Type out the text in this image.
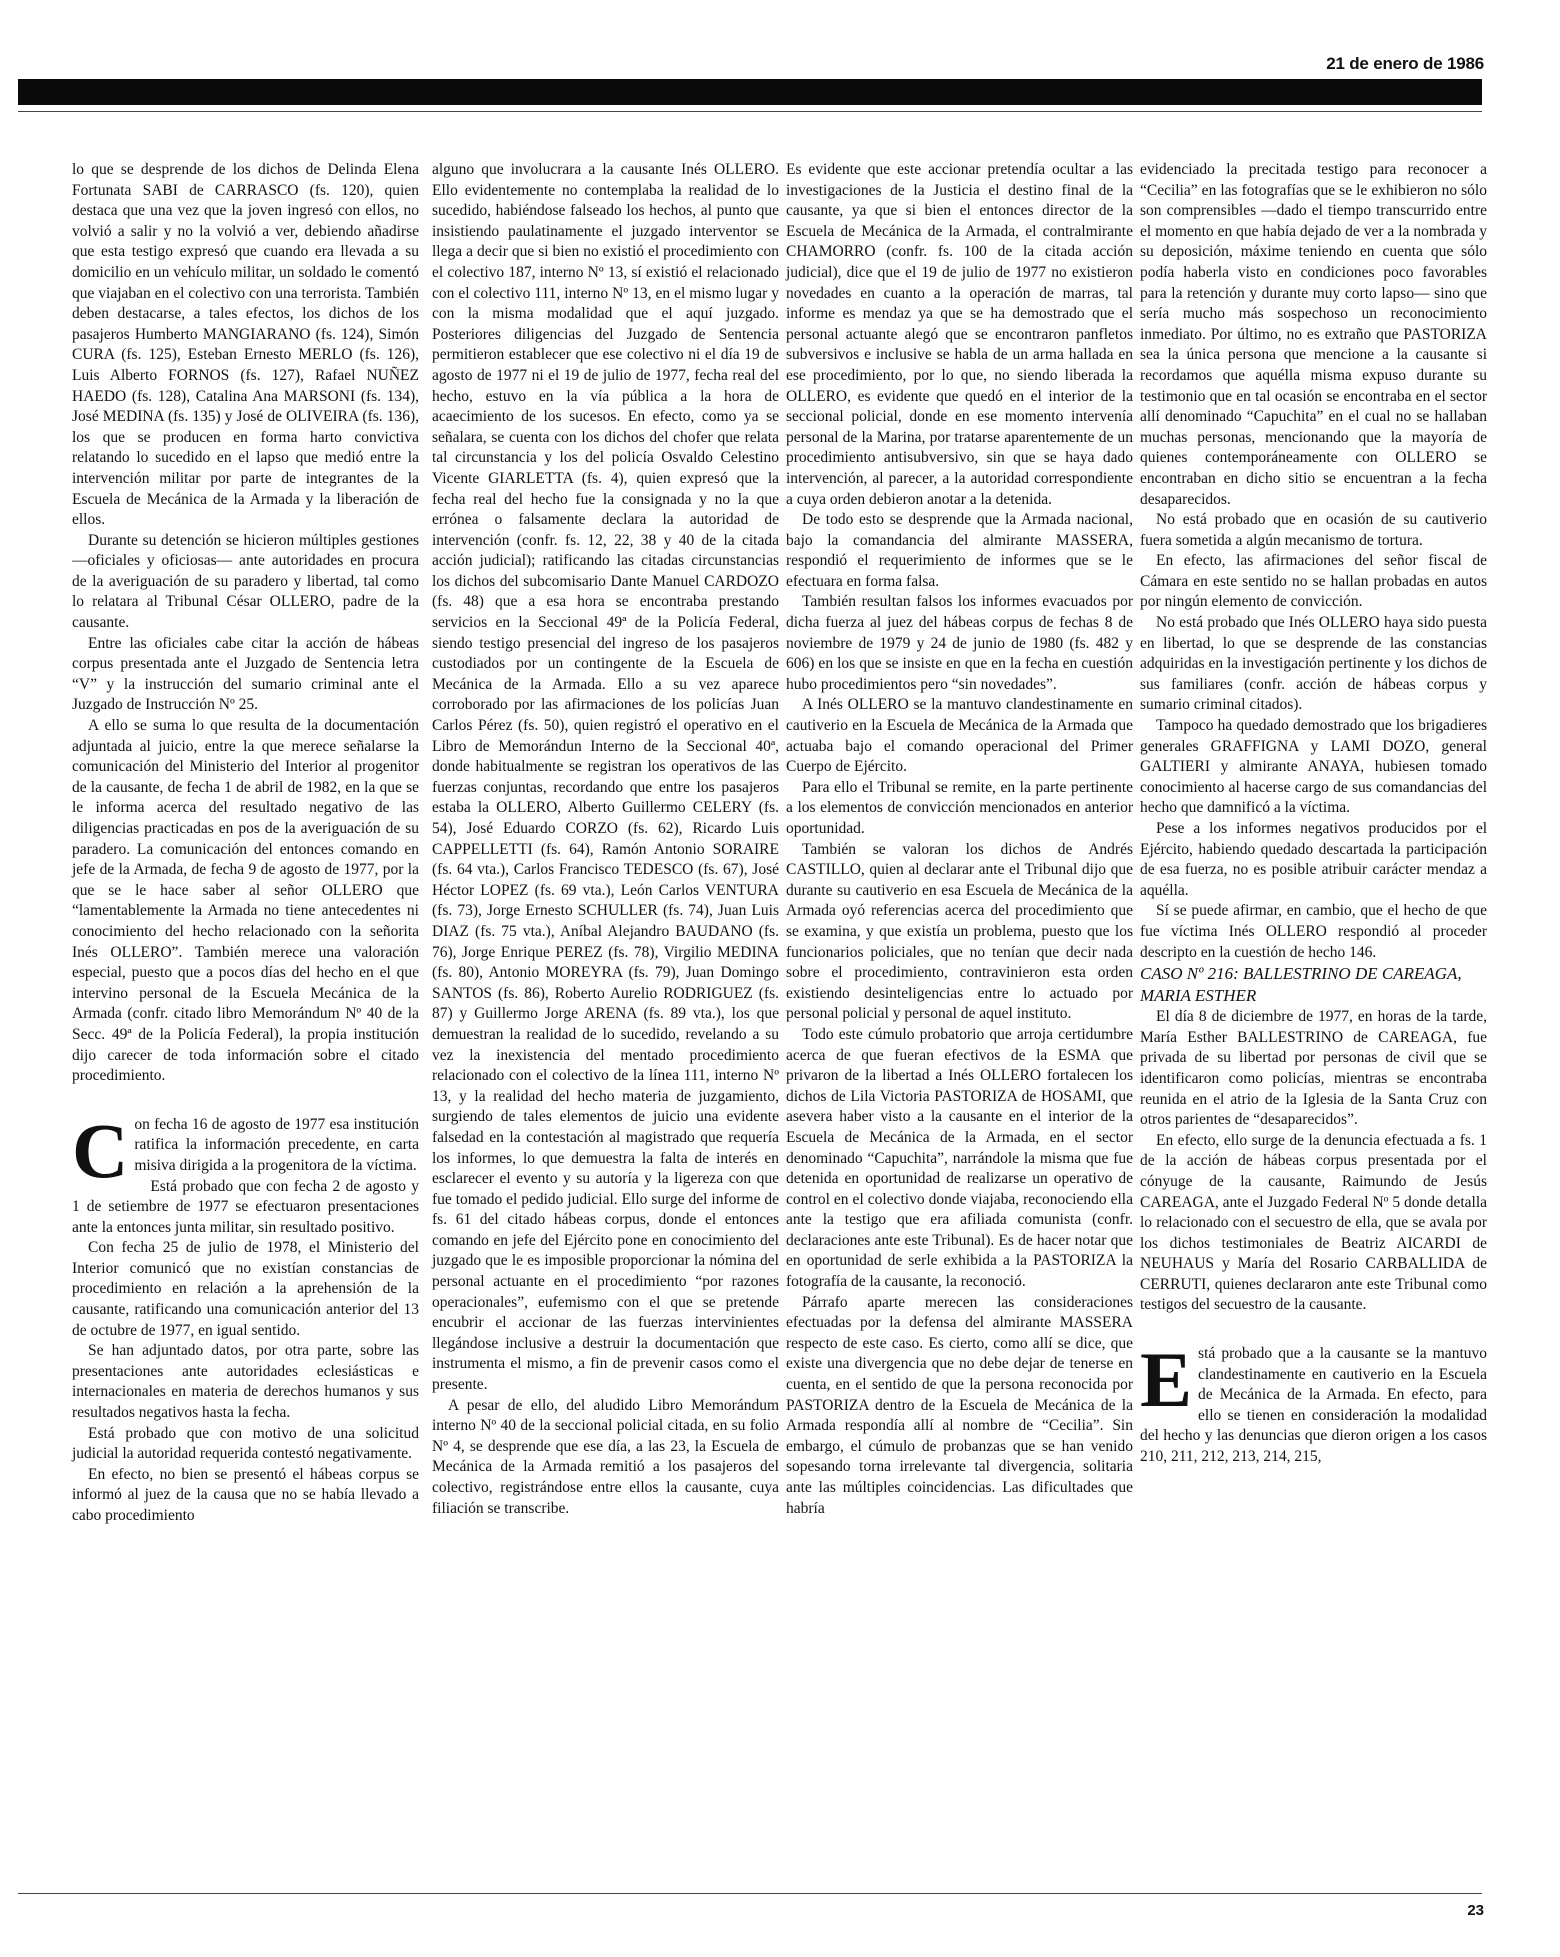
21 de enero de 1986

lo que se desprende de los dichos de Delinda Elena Fortunata SABI de CARRASCO (fs. 120), quien destaca que una vez que la joven ingresó con ellos, no volvió a salir y no la volvió a ver, debiendo añadirse que esta testigo expresó que cuando era llevada a su domicilio en un vehículo militar, un soldado le comentó que viajaban en el colectivo con una terrorista. También deben destacarse, a tales efectos, los dichos de los pasajeros Humberto MANGIARANO (fs. 124), Simón CURA (fs. 125), Esteban Ernesto MERLO (fs. 126), Luis Alberto FORNOS (fs. 127), Rafael NUÑEZ HAEDO (fs. 128), Catalina Ana MARSONI (fs. 134), José MEDINA (fs. 135) y José de OLIVEIRA (fs. 136), los que se producen en forma harto convictiva relatando lo sucedido en el lapso que medió entre la intervención militar por parte de integrantes de la Escuela de Mecánica de la Armada y la liberación de ellos.

Durante su detención se hicieron múltiples gestiones —oficiales y oficiosas— ante autoridades en procura de la averiguación de su paradero y libertad, tal como lo relatara al Tribunal César OLLERO, padre de la causante.

Entre las oficiales cabe citar la acción de hábeas corpus presentada ante el Juzgado de Sentencia letra “V” y la instrucción del sumario criminal ante el Juzgado de Instrucción Nº 25.

A ello se suma lo que resulta de la documentación adjuntada al juicio, entre la que merece señalarse la comunicación del Ministerio del Interior al progenitor de la causante, de fecha 1 de abril de 1982, en la que se le informa acerca del resultado negativo de las diligencias practicadas en pos de la averiguación de su paradero. La comunicación del entonces comando en jefe de la Armada, de fecha 9 de agosto de 1977, por la que se le hace saber al señor OLLERO que “lamentablemente la Armada no tiene antecedentes ni conocimiento del hecho relacionado con la señorita Inés OLLERO”. También merece una valoración especial, puesto que a pocos días del hecho en el que intervino personal de la Escuela Mecánica de la Armada (confr. citado libro Memorándum Nº 40 de la Secc. 49ª de la Policía Federal), la propia institución dijo carecer de toda información sobre el citado procedimiento.

Con fecha 16 de agosto de 1977 esa institución ratifica la información precedente, en carta misiva dirigida a la progenitora de la víctima.

Está probado que con fecha 2 de agosto y 1 de setiembre de 1977 se efectuaron presentaciones ante la entonces junta militar, sin resultado positivo.

Con fecha 25 de julio de 1978, el Ministerio del Interior comunicó que no existían constancias de procedimiento en relación a la aprehensión de la causante, ratificando una comunicación anterior del 13 de octubre de 1977, en igual sentido.

Se han adjuntado datos, por otra parte, sobre las presentaciones ante autoridades eclesiásticas e internacionales en materia de derechos humanos y sus resultados negativos hasta la fecha.

Está probado que con motivo de una solicitud judicial la autoridad requerida contestó negativamente.

En efecto, no bien se presentó el hábeas corpus se informó al juez de la causa que no se había llevado a cabo procedimiento

alguno que involucrara a la causante Inés OLLERO. Ello evidentemente no contemplaba la realidad de lo sucedido, habiéndose falseado los hechos, al punto que insistiendo paulatinamente el juzgado interventor se llega a decir que si bien no existió el procedimiento con el colectivo 187, interno Nº 13, sí existió el relacionado con el colectivo 111, interno Nº 13, en el mismo lugar y con la misma modalidad que el aquí juzgado. Posteriores diligencias del Juzgado de Sentencia permitieron establecer que ese colectivo ni el día 19 de agosto de 1977 ni el 19 de julio de 1977, fecha real del hecho, estuvo en la vía pública a la hora de acaecimiento de los sucesos. En efecto, como ya se señalara, se cuenta con los dichos del chofer que relata tal circunstancia y los del policía Osvaldo Celestino Vicente GIARLETTA (fs. 4), quien expresó que la fecha real del hecho fue la consignada y no la que errónea o falsamente declara la autoridad de intervención (confr. fs. 12, 22, 38 y 40 de la citada acción judicial); ratificando las citadas circunstancias los dichos del subcomisario Dante Manuel CARDOZO (fs. 48) que a esa hora se encontraba prestando servicios en la Seccional 49ª de la Policía Federal, siendo testigo presencial del ingreso de los pasajeros custodiados por un contingente de la Escuela de Mecánica de la Armada. Ello a su vez aparece corroborado por las afirmaciones de los policías Juan Carlos Pérez (fs. 50), quien registró el operativo en el Libro de Memorándun Interno de la Seccional 40ª, donde habitualmente se registran los operativos de las fuerzas conjuntas, recordando que entre los pasajeros estaba la OLLERO, Alberto Guillermo CELERY (fs. 54), José Eduardo CORZO (fs. 62), Ricardo Luis CAPPELLETTI (fs. 64), Ramón Antonio SORAIRE (fs. 64 vta.), Carlos Francisco TEDESCO (fs. 67), José Héctor LOPEZ (fs. 69 vta.), León Carlos VENTURA (fs. 73), Jorge Ernesto SCHULLER (fs. 74), Juan Luis DIAZ (fs. 75 vta.), Aníbal Alejandro BAUDANO (fs. 76), Jorge Enrique PEREZ (fs. 78), Virgilio MEDINA (fs. 80), Antonio MOREYRA (fs. 79), Juan Domingo SANTOS (fs. 86), Roberto Aurelio RODRIGUEZ (fs. 87) y Guillermo Jorge ARENA (fs. 89 vta.), los que demuestran la realidad de lo sucedido, revelando a su vez la inexistencia del mentado procedimiento relacionado con el colectivo de la línea 111, interno Nº 13, y la realidad del hecho materia de juzgamiento, surgiendo de tales elementos de juicio una evidente falsedad en la contestación al magistrado que requería los informes, lo que demuestra la falta de interés en esclarecer el evento y su autoría y la ligereza con que fue tomado el pedido judicial. Ello surge del informe de fs. 61 del citado hábeas corpus, donde el entonces comando en jefe del Ejército pone en conocimiento del juzgado que le es imposible proporcionar la nómina del personal actuante en el procedimiento “por razones operacionales”, eufemismo con el que se pretende encubrir el accionar de las fuerzas intervinientes llegándose inclusive a destruir la documentación que instrumenta el mismo, a fin de prevenir casos como el presente.

A pesar de ello, del aludido Libro Memorándum interno Nº 40 de la seccional policial citada, en su folio Nº 4, se desprende que ese día, a las 23, la Escuela de Mecánica de la Armada remitió a los pasajeros del colectivo, registrándose entre ellos la causante, cuya filiación se transcribe.

Es evidente que este accionar pretendía ocultar a las investigaciones de la Justicia el destino final de la causante, ya que si bien el entonces director de la Escuela de Mecánica de la Armada, el contralmirante CHAMORRO (confr. fs. 100 de la citada acción judicial), dice que el 19 de julio de 1977 no existieron novedades en cuanto a la operación de marras, tal informe es mendaz ya que se ha demostrado que el personal actuante alegó que se encontraron panfletos subversivos e inclusive se habla de un arma hallada en ese procedimiento, por lo que, no siendo liberada la OLLERO, es evidente que quedó en el interior de la seccional policial, donde en ese momento intervenía personal de la Marina, por tratarse aparentemente de un procedimiento antisubversivo, sin que se haya dado intervención, al parecer, a la autoridad correspondiente a cuya orden debieron anotar a la detenida.

De todo esto se desprende que la Armada nacional, bajo la comandancia del almirante MASSERA, respondió el requerimiento de informes que se le efectuara en forma falsa.

También resultan falsos los informes evacuados por dicha fuerza al juez del hábeas corpus de fechas 8 de noviembre de 1979 y 24 de junio de 1980 (fs. 482 y 606) en los que se insiste en que en la fecha en cuestión hubo procedimientos pero “sin novedades”.

A Inés OLLERO se la mantuvo clandestinamente en cautiverio en la Escuela de Mecánica de la Armada que actuaba bajo el comando operacional del Primer Cuerpo de Ejército.

Para ello el Tribunal se remite, en la parte pertinente a los elementos de convicción mencionados en anterior oportunidad.

También se valoran los dichos de Andrés CASTILLO, quien al declarar ante el Tribunal dijo que durante su cautiverio en esa Escuela de Mecánica de la Armada oyó referencias acerca del procedimiento que se examina, y que existía un problema, puesto que los funcionarios policiales, que no tenían que decir nada sobre el procedimiento, contravinieron esta orden existiendo desinteligencias entre lo actuado por personal policial y personal de aquel instituto.

Todo este cúmulo probatorio que arroja certidumbre acerca de que fueran efectivos de la ESMA que privaron de la libertad a Inés OLLERO fortalecen los dichos de Lila Victoria PASTORIZA de HOSAMI, que asevera haber visto a la causante en el interior de la Escuela de Mecánica de la Armada, en el sector denominado “Capuchita”, narrándole la misma que fue detenida en oportunidad de realizarse un operativo de control en el colectivo donde viajaba, reconociendo ella ante la testigo que era afiliada comunista (confr. declaraciones ante este Tribunal). Es de hacer notar que en oportunidad de serle exhibida a la PASTORIZA la fotografía de la causante, la reconoció.

Párrafo aparte merecen las consideraciones efectuadas por la defensa del almirante MASSERA respecto de este caso. Es cierto, como allí se dice, que existe una divergencia que no debe dejar de tenerse en cuenta, en el sentido de que la persona reconocida por PASTORIZA dentro de la Escuela de Mecánica de la Armada respondía allí al nombre de “Cecilia”. Sin embargo, el cúmulo de probanzas que se han venido sopesando torna irrelevante tal divergencia, solitaria ante las múltiples coincidencias. Las dificultades que habría

evidenciado la precitada testigo para reconocer a “Cecilia” en las fotografías que se le exhibieron no sólo son comprensibles —dado el tiempo transcurrido entre el momento en que había dejado de ver a la nombrada y su deposición, máxime teniendo en cuenta que sólo podía haberla visto en condiciones poco favorables para la retención y durante muy corto lapso— sino que sería mucho más sospechoso un reconocimiento inmediato. Por último, no es extraño que PASTORIZA sea la única persona que mencione a la causante si recordamos que aquélla misma expuso durante su testimonio que en tal ocasión se encontraba en el sector allí denominado “Capuchita” en el cual no se hallaban muchas personas, mencionando que la mayoría de quienes contemporáneamente con OLLERO se encontraban en dicho sitio se encuentran a la fecha desaparecidos.

No está probado que en ocasión de su cautiverio fuera sometida a algún mecanismo de tortura.

En efecto, las afirmaciones del señor fiscal de Cámara en este sentido no se hallan probadas en autos por ningún elemento de convicción.

No está probado que Inés OLLERO haya sido puesta en libertad, lo que se desprende de las constancias adquiridas en la investigación pertinente y los dichos de sus familiares (confr. acción de hábeas corpus y sumario criminal citados).

Tampoco ha quedado demostrado que los brigadieres generales GRAFFIGNA y LAMI DOZO, general GALTIERI y almirante ANAYA, hubiesen tomado conocimiento al hacerse cargo de sus comandancias del hecho que damnificó a la víctima.

Pese a los informes negativos producidos por el Ejército, habiendo quedado descartada la participación de esa fuerza, no es posible atribuir carácter mendaz a aquélla.

Sí se puede afirmar, en cambio, que el hecho de que fue víctima Inés OLLERO respondió al proceder descripto en la cuestión de hecho 146.

CASO Nº 216: BALLESTRINO DE CAREAGA, MARIA ESTHER

El día 8 de diciembre de 1977, en horas de la tarde, María Esther BALLESTRINO de CAREAGA, fue privada de su libertad por personas de civil que se identificaron como policías, mientras se encontraba reunida en el atrio de la Iglesia de la Santa Cruz con otros parientes de “desaparecidos”.

En efecto, ello surge de la denuncia efectuada a fs. 1 de la acción de hábeas corpus presentada por el cónyuge de la causante, Raimundo de Jesús CAREAGA, ante el Juzgado Federal Nº 5 donde detalla lo relacionado con el secuestro de ella, que se avala por los dichos testimoniales de Beatriz AICARDI de NEUHAUS y María del Rosario CARBALLIDA de CERRUTI, quienes declararon ante este Tribunal como testigos del secuestro de la causante.

Está probado que a la causante se la mantuvo clandestinamente en cautiverio en la Escuela de Mecánica de la Armada. En efecto, para ello se tienen en consideración la modalidad del hecho y las denuncias que dieron origen a los casos 210, 211, 212, 213, 214, 215,

23
